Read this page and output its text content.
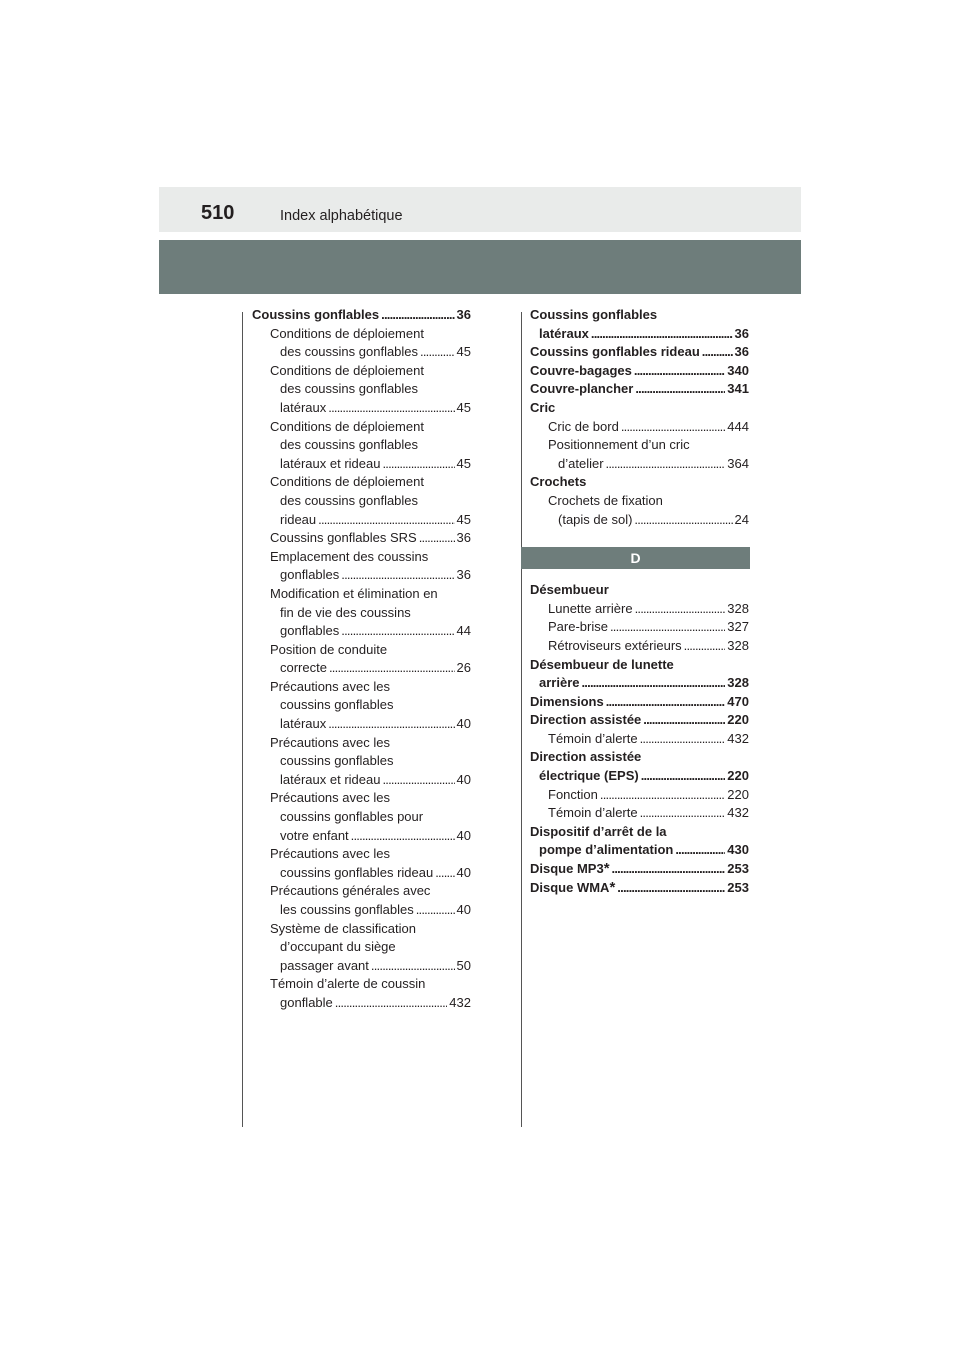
510	Index alphabétique
Coussins gonflables . . .	36
Conditions de déploiement
des coussins gonflables . . .	45
Conditions de déploiement
des coussins gonflables
latéraux . . .	45
Conditions de déploiement
des coussins gonflables
latéraux et rideau . . .	45
Conditions de déploiement
des coussins gonflables
rideau . . .	45
Coussins gonflables SRS . . .	36
Emplacement des coussins
gonflables . . .	36
Modification et élimination en
fin de vie des coussins
gonflables . . .	44
Position de conduite
correcte . . .	26
Précautions avec les
coussins gonflables
latéraux . . .	40
Précautions avec les
coussins gonflables
latéraux et rideau . . .	40
Précautions avec les
coussins gonflables pour
votre enfant . . .	40
Précautions avec les
coussins gonflables rideau . . . 40
Précautions générales avec
les coussins gonflables . . .	40
Système de classification
d’occupant du siège
passager avant . . .	50
Témoin d’alerte de coussin
gonflable . . .	432
Coussins gonflables
latéraux . . .	36
Coussins gonflables rideau . . .	36
Couvre-bagages . . .	340
Couvre-plancher . . .	341
Cric
Cric de bord . . .	444
Positionnement d’un cric
d’atelier . . .	364
Crochets
Crochets de fixation
(tapis de sol) . . .	24
D
Désembueur
Lunette arrière . . .	328
Pare-brise . . .	327
Rétroviseurs extérieurs . . .	328
Désembueur de lunette
arrière . . .	328
Dimensions . . .	470
Direction assistée . . .	220
Témoin d’alerte . . .	432
Direction assistée
électrique (EPS) . . .	220
Fonction . . .	220
Témoin d’alerte . . .	432
Dispositif d’arrêt de la
pompe d’alimentation . . .	430
Disque MP3 * . . .	253
Disque WMA * . . .	253
